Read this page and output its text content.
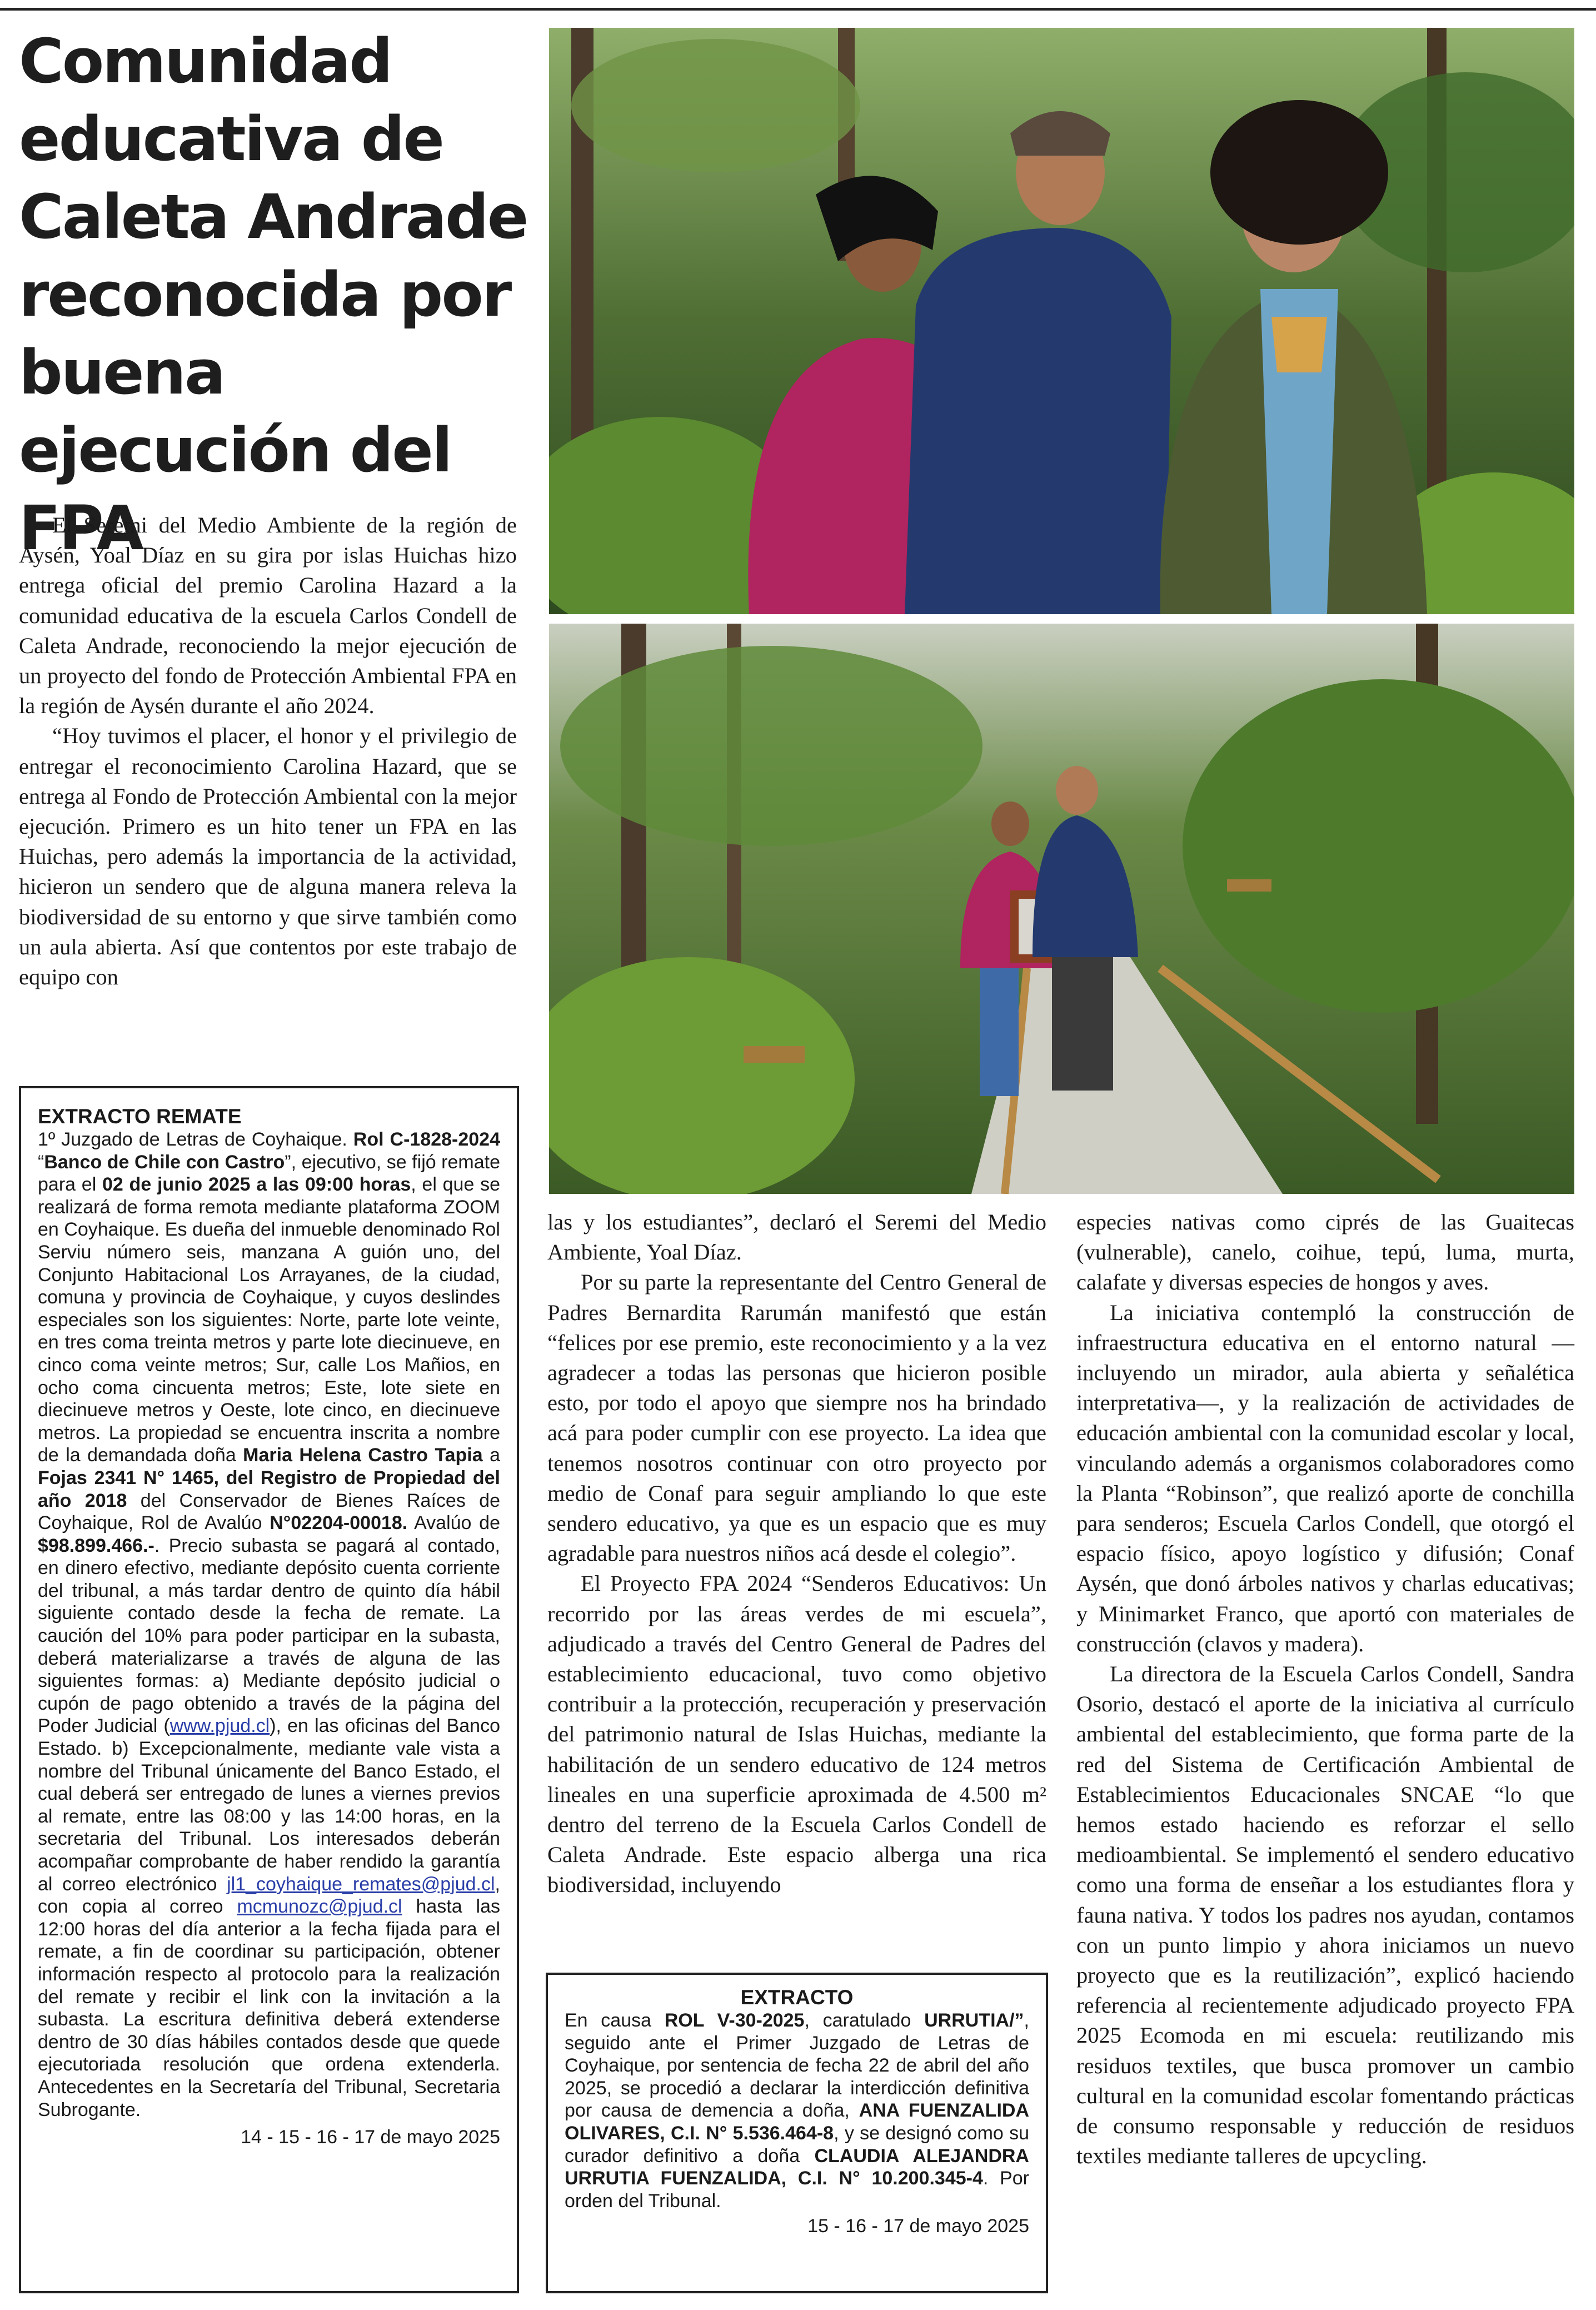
Comunidad educativa de Caleta Andrade reconocida por buena ejecución del FPA

El Seremi del Medio Ambiente de la región de Aysén, Yoal Díaz en su gira por islas Huichas hizo entrega oficial del premio Carolina Hazard a la comunidad educativa de la escuela Carlos Condell de Caleta Andrade, reconociendo la mejor ejecución de un proyecto del fondo de Protección Ambiental FPA en la región de Aysén durante el año 2024.

“Hoy tuvimos el placer, el honor y el privilegio de entregar el reconocimiento Carolina Hazard, que se entrega al Fondo de Protección Ambiental con la mejor ejecución. Primero es un hito tener un FPA en las Huichas, pero además la importancia de la actividad, hicieron un sendero que de alguna manera releva la biodiversidad de su entorno y que sirve también como un aula abierta. Así que contentos por este trabajo de equipo con

las y los estudiantes”, declaró el Seremi del Medio Ambiente, Yoal Díaz.

Por su parte la representante del Centro General de Padres Bernardita Rarumán manifestó que están “felices por ese premio, este reconocimiento y a la vez agradecer a todas las personas que hicieron posible esto, por todo el apoyo que siempre nos ha brindado acá para poder cumplir con ese proyecto. La idea que tenemos nosotros continuar con otro proyecto por medio de Conaf para seguir ampliando lo que este sendero educativo, ya que es un espacio que es muy agradable para nuestros niños acá desde el colegio”.

El Proyecto FPA 2024 “Senderos Educativos: Un recorrido por las áreas verdes de mi escuela”, adjudicado a través del Centro General de Padres del establecimiento educacional, tuvo como objetivo contribuir a la protección, recuperación y preservación del patrimonio natural de Islas Huichas, mediante la habilitación de un sendero educativo de 124 metros lineales en una superficie aproximada de 4.500 m² dentro del terreno de la Escuela Carlos Condell de Caleta Andrade. Este espacio alberga una rica biodiversidad, incluyendo

especies nativas como ciprés de las Guaitecas (vulnerable), canelo, coihue, tepú, luma, murta, calafate y diversas especies de hongos y aves.

La iniciativa contempló la construcción de infraestructura educativa en el entorno natural —incluyendo un mirador, aula abierta y señalética interpretativa—, y la realización de actividades de educación ambiental con la comunidad escolar y local, vinculando además a organismos colaboradores como la Planta “Robinson”, que realizó aporte de conchilla para senderos; Escuela Carlos Condell, que otorgó el espacio físico, apoyo logístico y difusión; Conaf Aysén, que donó árboles nativos y charlas educativas; y Minimarket Franco, que aportó con materiales de construcción (clavos y madera).

La directora de la Escuela Carlos Condell, Sandra Osorio, destacó el aporte de la iniciativa al currículo ambiental del establecimiento, que forma parte de la red del Sistema de Certificación Ambiental de Establecimientos Educacionales SNCAE “lo que hemos estado haciendo es reforzar el sello medioambiental. Se implementó el sendero educativo como una forma de enseñar a los estudiantes flora y fauna nativa. Y todos los padres nos ayudan, contamos con un punto limpio y ahora iniciamos un nuevo proyecto que es la reutilización”, explicó haciendo referencia al recientemente adjudicado proyecto FPA 2025 Ecomoda en mi escuela: reutilizando mis residuos textiles, que busca promover un cambio cultural en la comunidad escolar fomentando prácticas de consumo responsable y reducción de residuos textiles mediante talleres de upcycling.

EXTRACTO REMATE
1º Juzgado de Letras de Coyhaique. Rol C-1828-2024 “Banco de Chile con Castro”, ejecutivo, se fijó remate para el 02 de junio 2025 a las 09:00 horas, el que se realizará de forma remota mediante plataforma ZOOM en Coyhaique. Es dueña del inmueble denominado Rol Serviu número seis, manzana A guión uno, del Conjunto Habitacional Los Arrayanes, de la ciudad, comuna y provincia de Coyhaique, y cuyos deslindes especiales son los siguientes: Norte, parte lote veinte, en tres coma treinta metros y parte lote diecinueve, en cinco coma veinte metros; Sur, calle Los Mañios, en ocho coma cincuenta metros; Este, lote siete en diecinueve metros y Oeste, lote cinco, en diecinueve metros. La propiedad se encuentra inscrita a nombre de la demandada doña Maria Helena Castro Tapia a Fojas 2341 N° 1465, del Registro de Propiedad del año 2018 del Conservador de Bienes Raíces de Coyhaique, Rol de Avalúo N°02204-00018. Avalúo de $98.899.466.-. Precio subasta se pagará al contado, en dinero efectivo, mediante depósito cuenta corriente del tribunal, a más tardar dentro de quinto día hábil siguiente contado desde la fecha de remate. La caución del 10% para poder participar en la subasta, deberá materializarse a través de alguna de las siguientes formas: a) Mediante depósito judicial o cupón de pago obtenido a través de la página del Poder Judicial (www.pjud.cl), en las oficinas del Banco Estado. b) Excepcionalmente, mediante vale vista a nombre del Tribunal únicamente del Banco Estado, el cual deberá ser entregado de lunes a viernes previos al remate, entre las 08:00 y las 14:00 horas, en la secretaria del Tribunal. Los interesados deberán acompañar comprobante de haber rendido la garantía al correo electrónico jl1_coyhaique_remates@pjud.cl, con copia al correo mcmunozc@pjud.cl hasta las 12:00 horas del día anterior a la fecha fijada para el remate, a fin de coordinar su participación, obtener información respecto al protocolo para la realización del remate y recibir el link con la invitación a la subasta. La escritura definitiva deberá extenderse dentro de 30 días hábiles contados desde que quede ejecutoriada resolución que ordena extenderla. Antecedentes en la Secretaría del Tribunal, Secretaria Subrogante.
14 - 15 - 16 - 17 de mayo 2025
EXTRACTO
En causa ROL V-30-2025, caratulado URRUTIA/”, seguido ante el Primer Juzgado de Letras de Coyhaique, por sentencia de fecha 22 de abril del año 2025, se procedió a declarar la interdicción definitiva por causa de demencia a doña, ANA FUENZALIDA OLIVARES, C.I. N° 5.536.464-8, y se designó como su curador definitivo a doña CLAUDIA ALEJANDRA URRUTIA FUENZALIDA, C.I. N° 10.200.345-4. Por orden del Tribunal.
15 - 16 - 17 de mayo 2025
